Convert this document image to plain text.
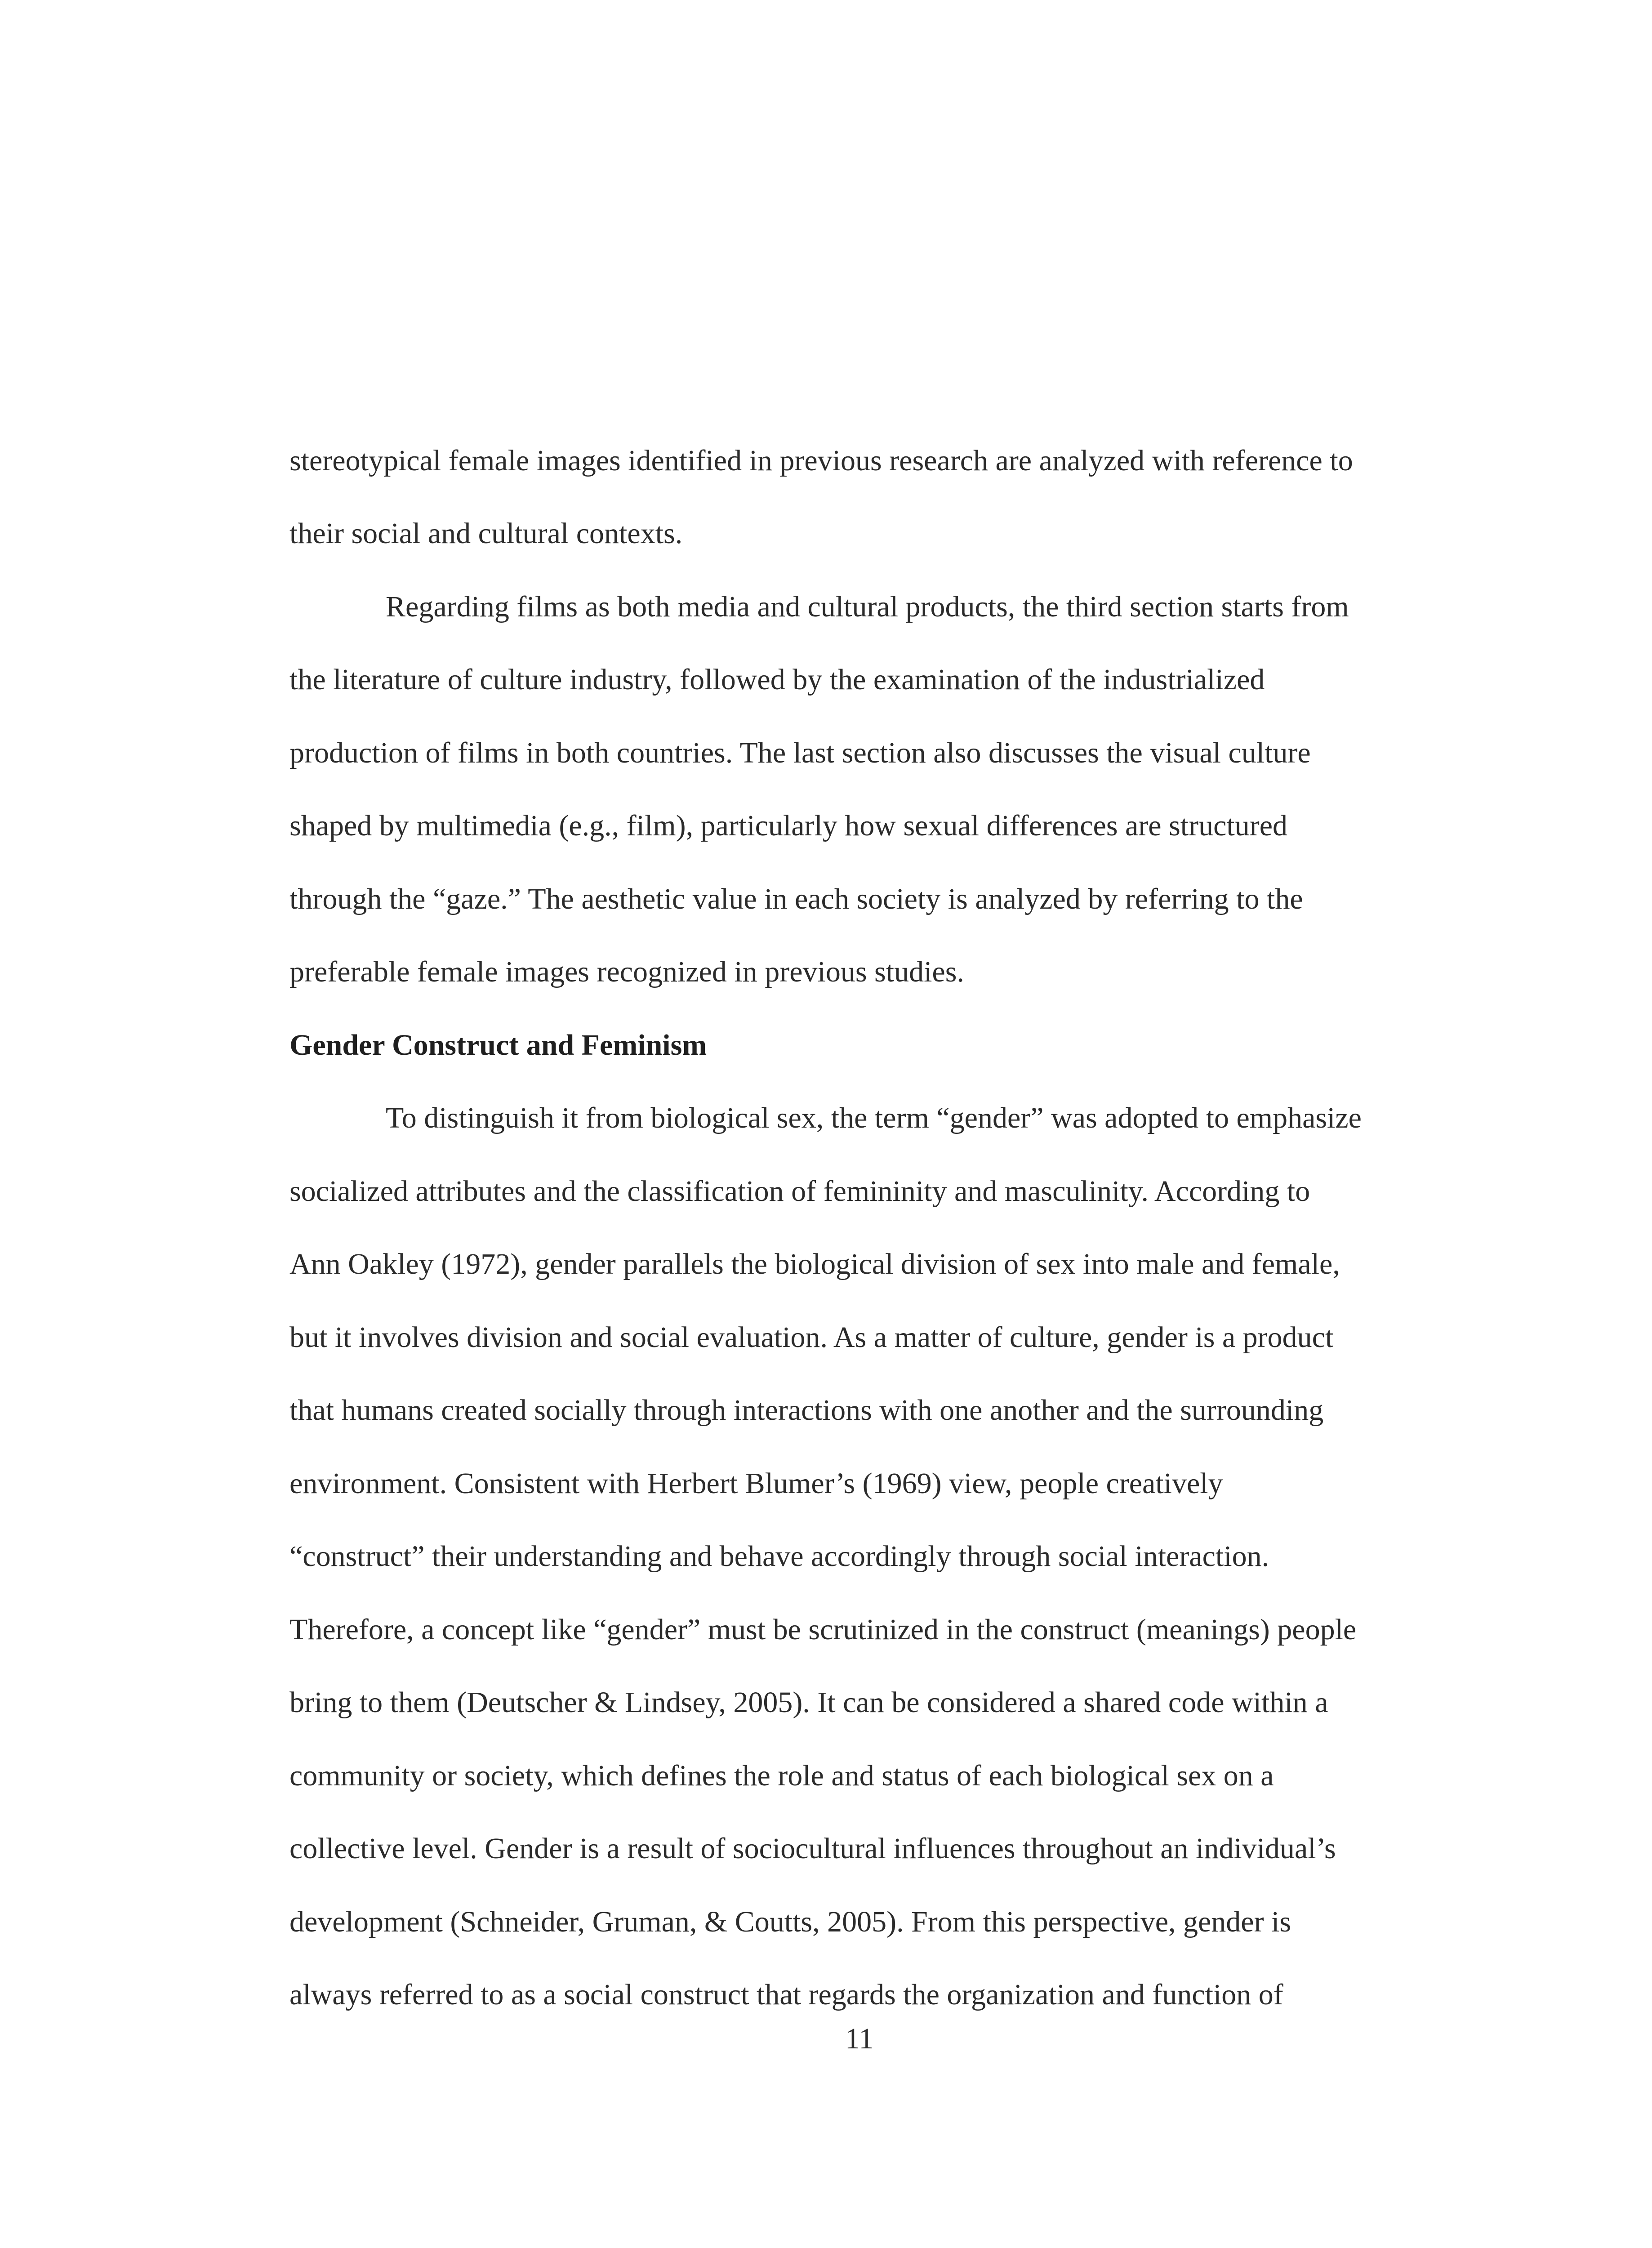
stereotypical female images identified in previous research are analyzed with reference to

their social and cultural contexts.

Regarding films as both media and cultural products, the third section starts from

the literature of culture industry, followed by the examination of the industrialized

production of films in both countries. The last section also discusses the visual culture

shaped by multimedia (e.g., film), particularly how sexual differences are structured

through the “gaze.” The aesthetic value in each society is analyzed by referring to the

preferable female images recognized in previous studies.

Gender Construct and Feminism

To distinguish it from biological sex, the term “gender” was adopted to emphasize

socialized attributes and the classification of femininity and masculinity. According to

Ann Oakley (1972), gender parallels the biological division of sex into male and female,

but it involves division and social evaluation. As a matter of culture, gender is a product

that humans created socially through interactions with one another and the surrounding

environment. Consistent with Herbert Blumer’s (1969) view, people creatively

“construct” their understanding and behave accordingly through social interaction.

Therefore, a concept like “gender” must be scrutinized in the construct (meanings) people

bring to them (Deutscher & Lindsey, 2005). It can be considered a shared code within a

community or society, which defines the role and status of each biological sex on a

collective level. Gender is a result of sociocultural influences throughout an individual’s

development (Schneider, Gruman, & Coutts, 2005). From this perspective, gender is

always referred to as a social construct that regards the organization and function of

11
